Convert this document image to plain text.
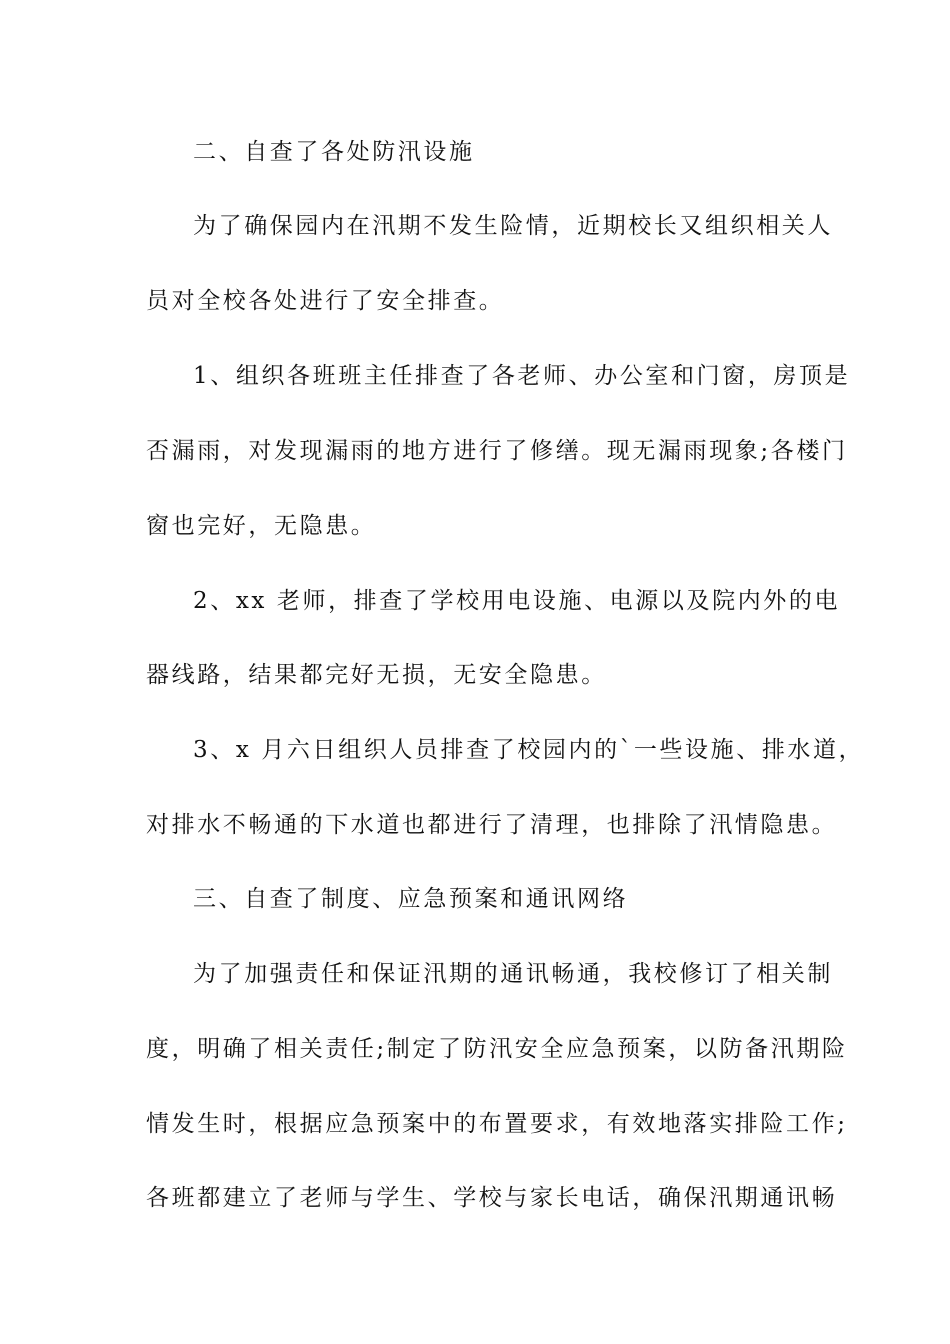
二、自查了各处防汛设施
为了确保园内在汛期不发生险情，近期校长又组织相关人
员对全校各处进行了安全排查。
1、组织各班班主任排查了各老师、办公室和门窗，房顶是
否漏雨，对发现漏雨的地方进行了修缮。现无漏雨现象;各楼门
窗也完好，无隐患。
2、xx 老师，排查了学校用电设施、电源以及院内外的电
器线路，结果都完好无损，无安全隐患。
3、x 月六日组织人员排查了校园内的`一些设施、排水道，
对排水不畅通的下水道也都进行了清理，也排除了汛情隐患。
三、自查了制度、应急预案和通讯网络
为了加强责任和保证汛期的通讯畅通，我校修订了相关制
度，明确了相关责任;制定了防汛安全应急预案，以防备汛期险
情发生时，根据应急预案中的布置要求，有效地落实排险工作;
各班都建立了老师与学生、学校与家长电话，确保汛期通讯畅
